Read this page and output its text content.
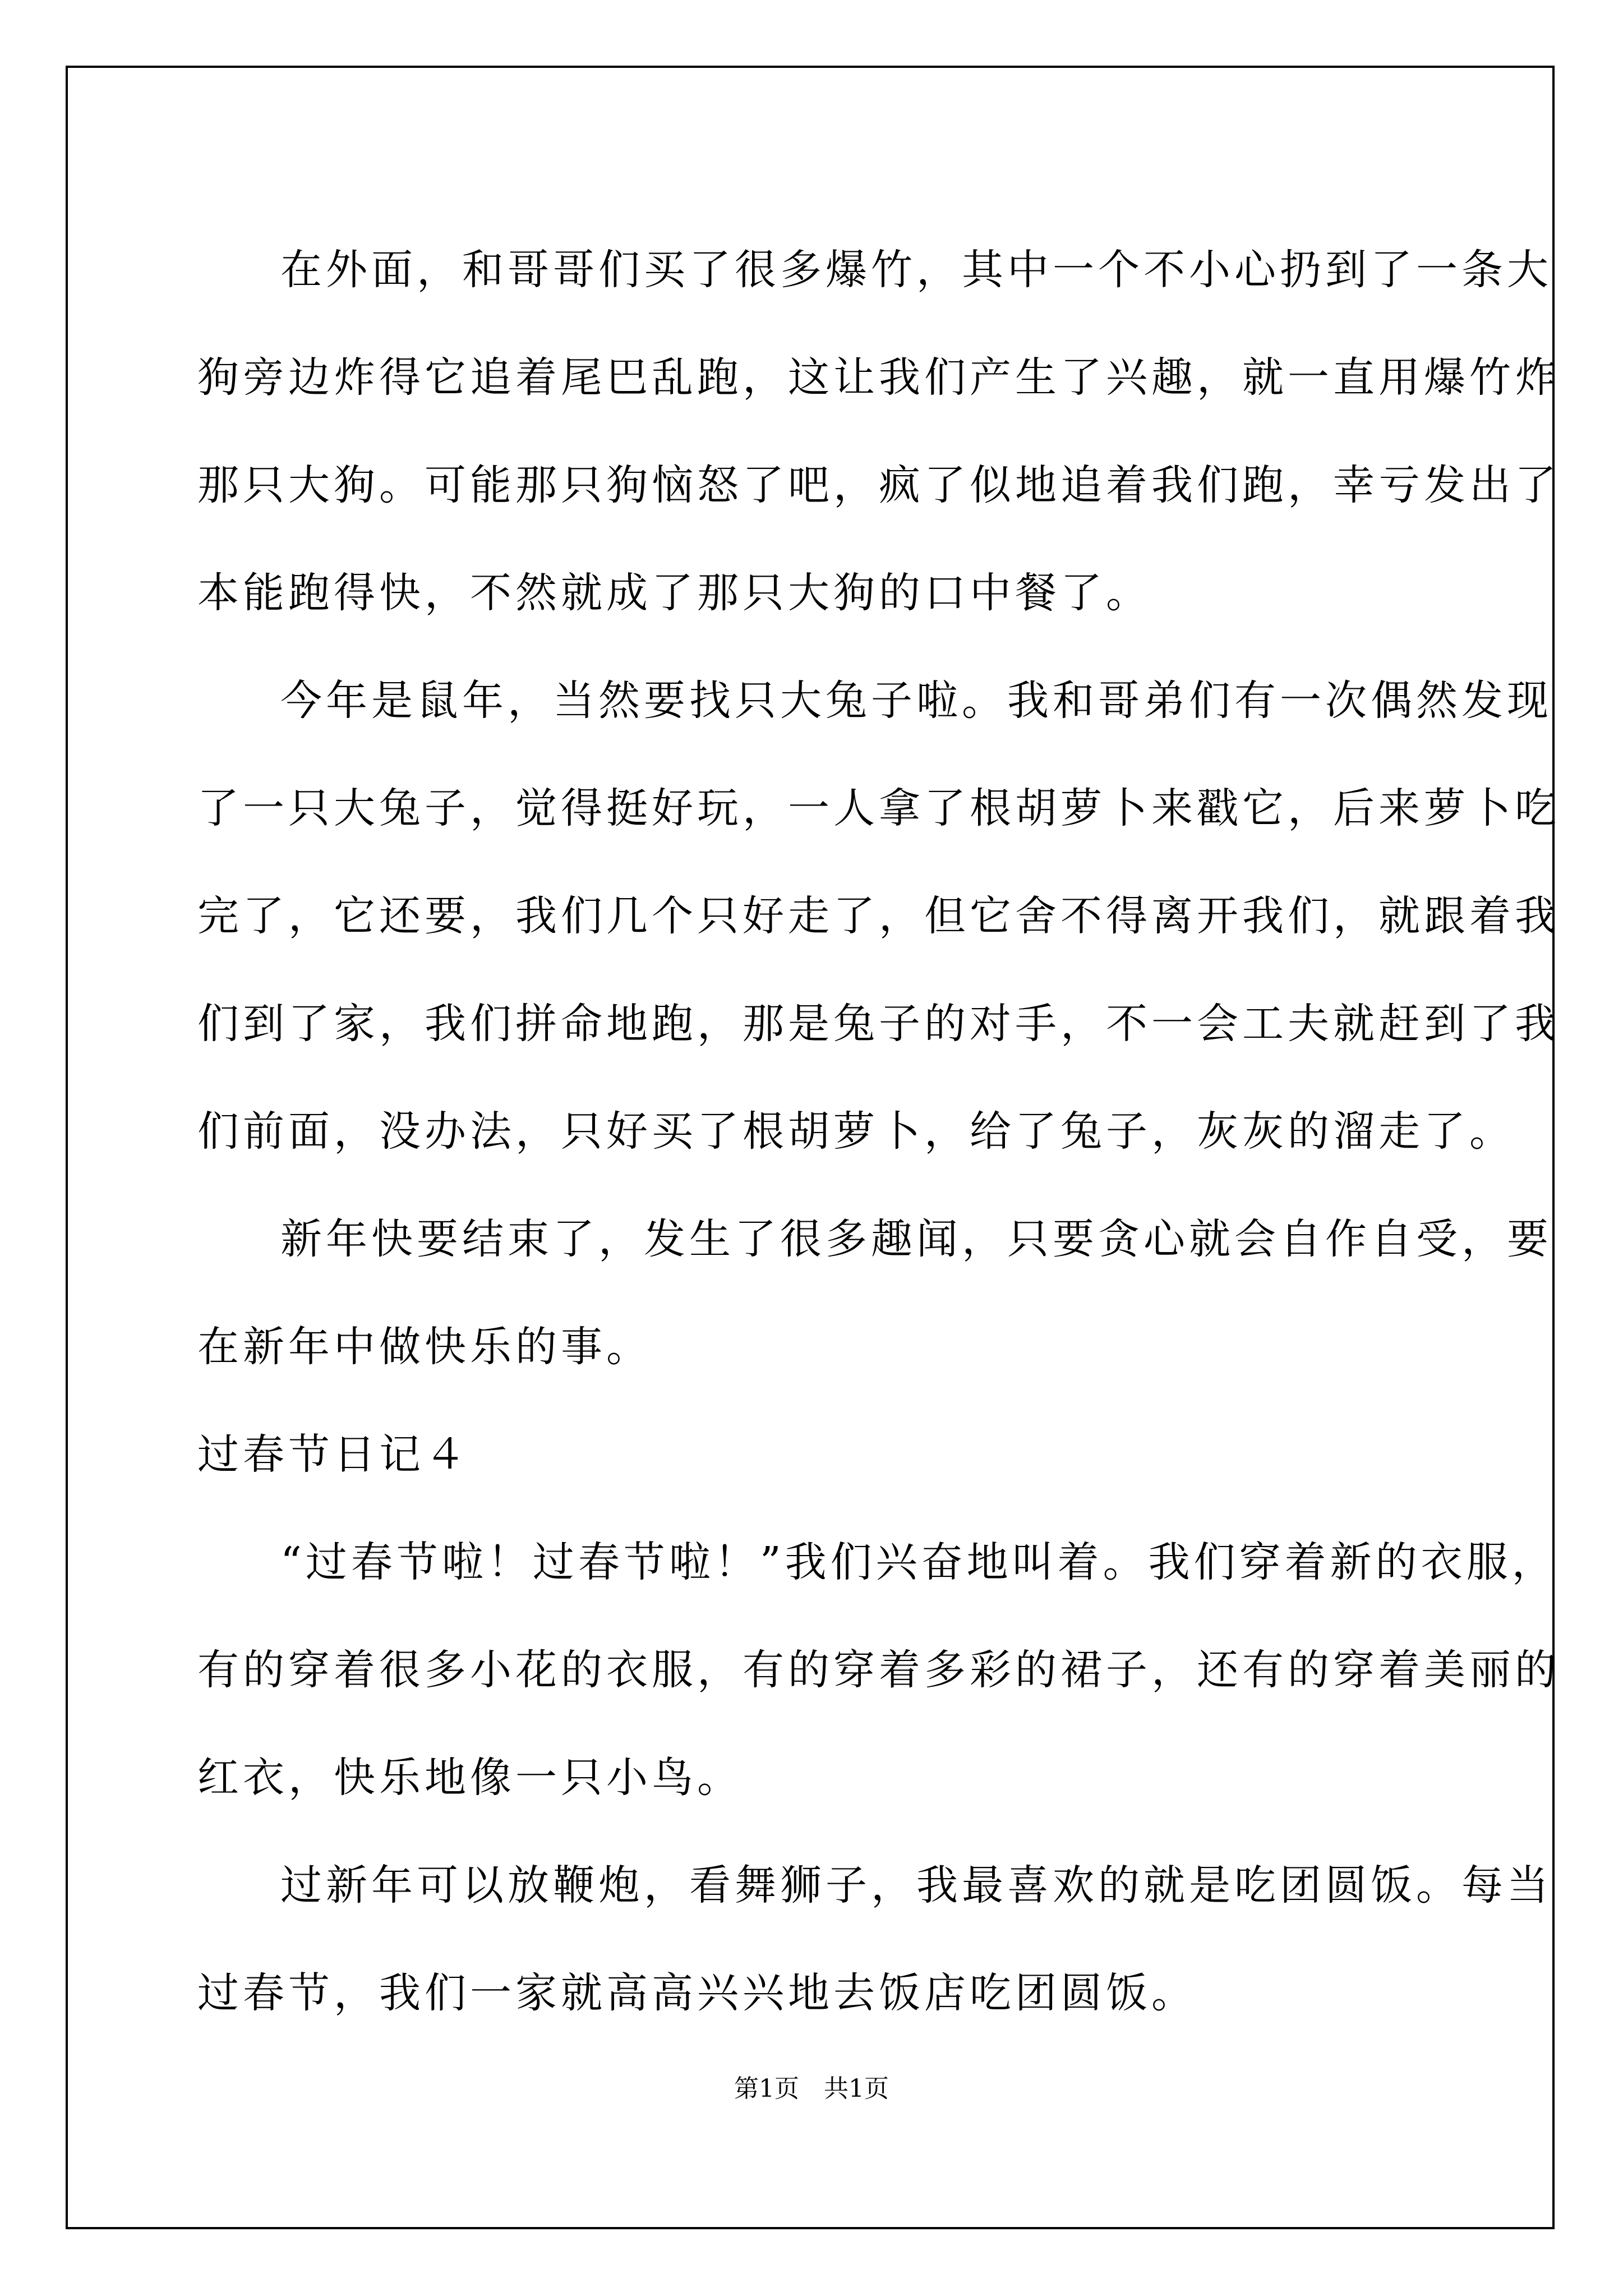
在外面，和哥哥们买了很多爆竹，其中一个不小心扔到了一条大

狗旁边炸得它追着尾巴乱跑，这让我们产生了兴趣，就一直用爆竹炸

那只大狗。可能那只狗恼怒了吧，疯了似地追着我们跑，幸亏发出了

本能跑得快，不然就成了那只大狗的口中餐了。

今年是鼠年，当然要找只大兔子啦。我和哥弟们有一次偶然发现

了一只大兔子，觉得挺好玩，一人拿了根胡萝卜来戳它，后来萝卜吃

完了，它还要，我们几个只好走了，但它舍不得离开我们，就跟着我

们到了家，我们拼命地跑，那是兔子的对手，不一会工夫就赶到了我

们前面，没办法，只好买了根胡萝卜，给了兔子，灰灰的溜走了。

新年快要结束了，发生了很多趣闻，只要贪心就会自作自受，要

在新年中做快乐的事。

过春节日记４

“过春节啦！过春节啦！”我们兴奋地叫着。我们穿着新的衣服，

有的穿着很多小花的衣服，有的穿着多彩的裙子，还有的穿着美丽的

红衣，快乐地像一只小鸟。

过新年可以放鞭炮，看舞狮子，我最喜欢的就是吃团圆饭。每当

过春节，我们一家就高高兴兴地去饭店吃团圆饭。

第1页　共1页
